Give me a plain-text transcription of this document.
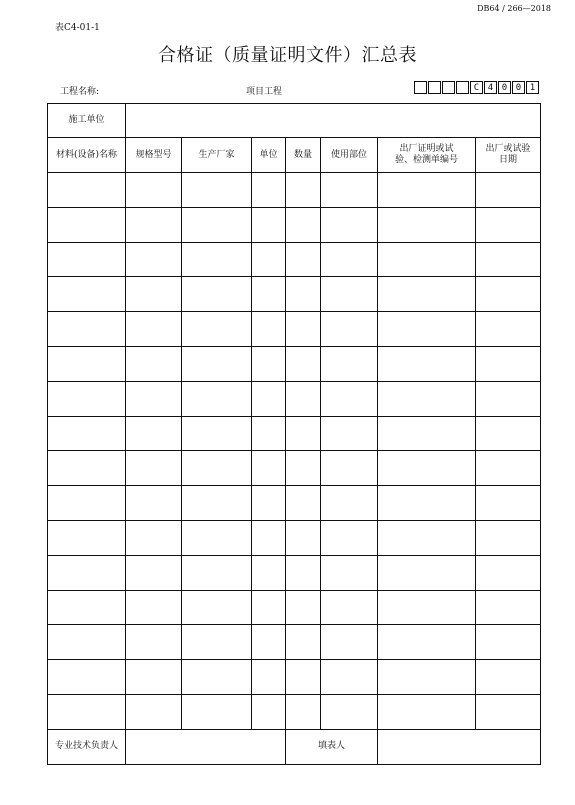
DB64 / 266—2018
表C4-01-1
合格证（质量证明文件）汇总表
工程名称:	项目工程	C 4 0 0 1
施工单位							
材料(设备)名称	规格型号	生产厂家	单位	数量	使用部位	出厂证明或试验、检测单编号	出厂或试验日期

专业技术负责人				填表人			
